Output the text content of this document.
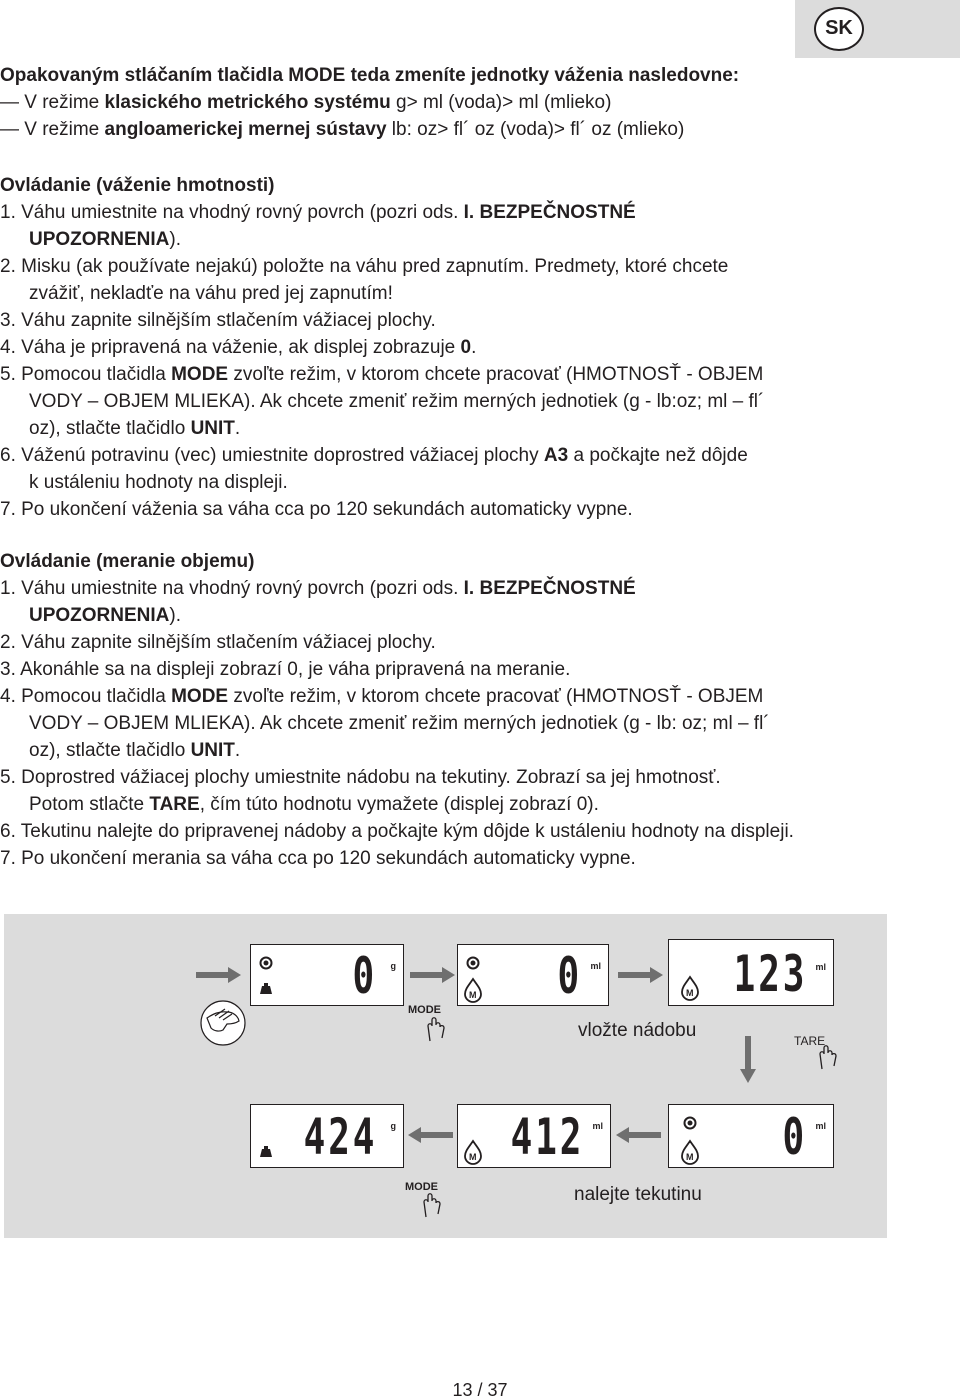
SK
Opakovaným stláčaním tlačidla MODE teda zmeníte jednotky váženia nasledovne:
— V režime klasického metrického systému g> ml (voda)> ml (mlieko)
— V režime angloamerickej mernej sústavy lb: oz> fl´ oz (voda)> fl´ oz (mlieko)
Ovládanie (váženie hmotnosti)
1. Váhu umiestnite na vhodný rovný povrch (pozri ods. I. BEZPEČNOSTNÉ
UPOZORNENIA).
2. Misku (ak používate nejakú) položte na váhu pred zapnutím. Predmety, ktoré chcete
zvážiť, nekladťe na váhu pred jej zapnutím!
3. Váhu zapnite silnějším stlačením vážiacej plochy.
4. Váha je pripravená na váženie, ak displej zobrazuje 0.
5. Pomocou tlačidla MODE zvoľte režim, v ktorom chcete pracovať (HMOTNOSŤ - OBJEM
VODY – OBJEM MLIEKA). Ak chcete zmeniť režim merných jednotiek (g - lb:oz; ml – fl´
oz), stlačte tlačidlo UNIT.
6. Váženú potravinu (vec) umiestnite doprostred vážiacej plochy A3 a počkajte než dôjde
k ustáleniu hodnoty na displeji.
7. Po ukončení váženia sa váha cca po 120 sekundách automaticky vypne.
Ovládanie (meranie objemu)
1. Váhu umiestnite na vhodný rovný povrch (pozri ods. I. BEZPEČNOSTNÉ
UPOZORNENIA).
2. Váhu zapnite silnějším stlačením vážiacej plochy.
3. Akonáhle sa na displeji zobrazí 0, je váha pripravená na meranie.
4. Pomocou tlačidla MODE zvoľte režim, v ktorom chcete pracovať (HMOTNOSŤ - OBJEM
VODY – OBJEM MLIEKA). Ak chcete zmeniť režim merných jednotiek (g - lb: oz; ml – fl´
oz), stlačte tlačidlo UNIT.
5. Doprostred vážiacej plochy umiestnite nádobu na tekutiny. Zobrazí sa jej hmotnosť.
Potom stlačte TARE, čím túto hodnotu vymažete (displej zobrazí 0).
6. Tekutinu nalejte do pripravenej nádoby a počkajte kým dôjde k ustáleniu hodnoty na displeji.
7. Po ukončení merania sa váha cca po 120 sekundách automaticky vypne.
0 g
M 0 ml
M 123 ml
424 g
M 412 ml
M 0 ml
MODE
TARE
MODE
vložte nádobu
nalejte tekutinu
13 / 37
